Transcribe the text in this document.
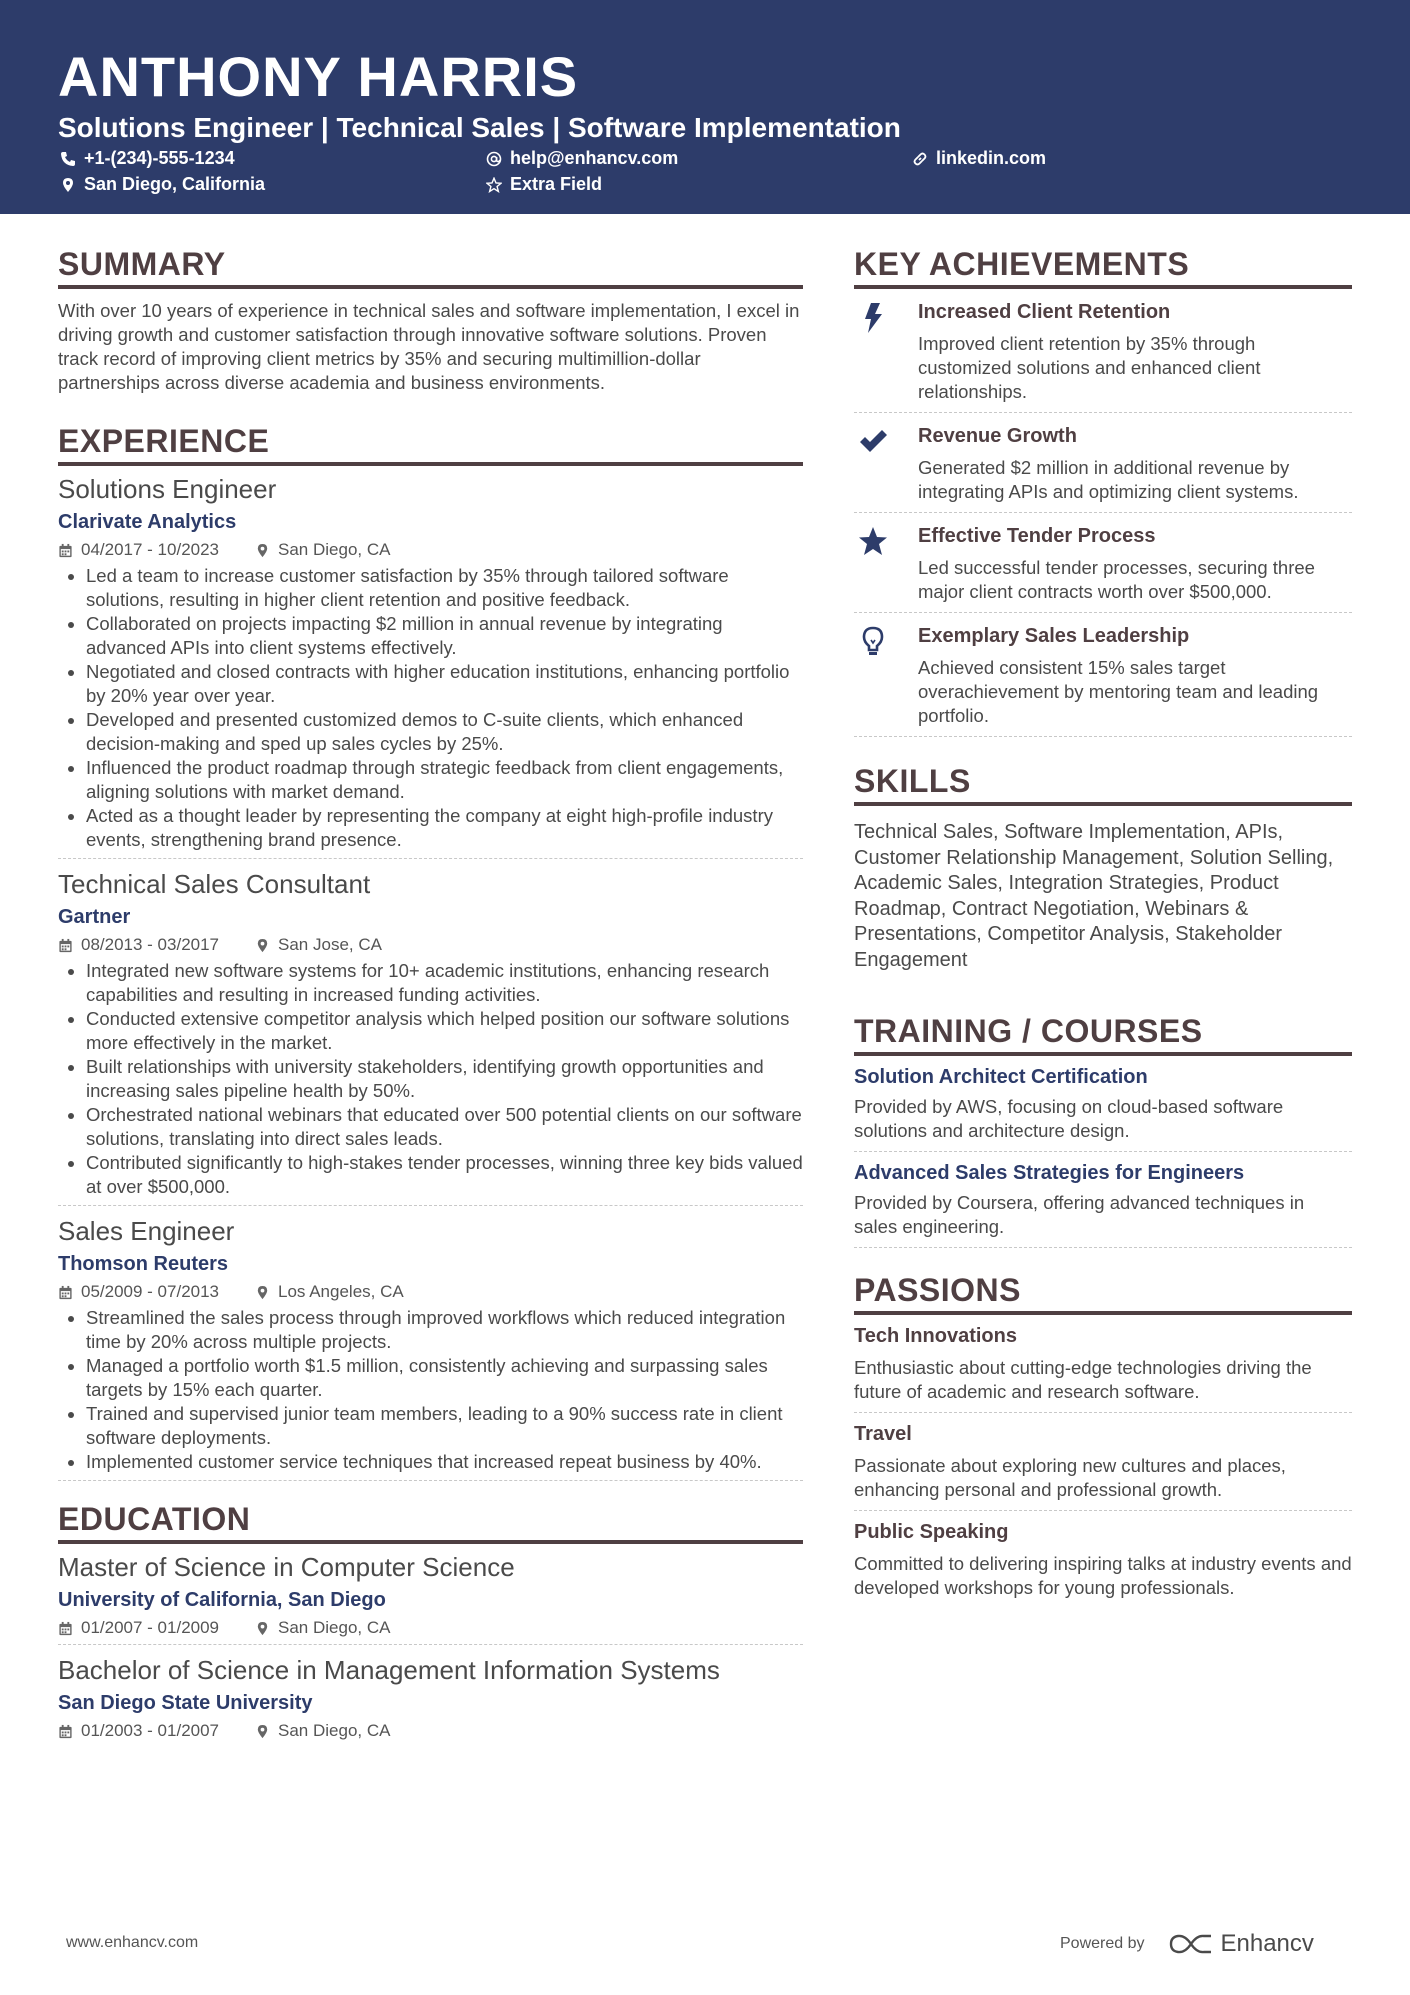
ANTHONY HARRIS
Solutions Engineer | Technical Sales | Software Implementation
+1-(234)-555-1234	help@enhancv.com	linkedin.com
San Diego, California	Extra Field
SUMMARY
With over 10 years of experience in technical sales and software implementation, I excel in driving growth and customer satisfaction through innovative software solutions. Proven track record of improving client metrics by 35% and securing multimillion-dollar partnerships across diverse academia and business environments.
EXPERIENCE
Solutions Engineer
Clarivate Analytics
04/2017 - 10/2023	San Diego, CA
• Led a team to increase customer satisfaction by 35% through tailored software solutions, resulting in higher client retention and positive feedback.
• Collaborated on projects impacting $2 million in annual revenue by integrating advanced APIs into client systems effectively.
• Negotiated and closed contracts with higher education institutions, enhancing portfolio by 20% year over year.
• Developed and presented customized demos to C-suite clients, which enhanced decision-making and sped up sales cycles by 25%.
• Influenced the product roadmap through strategic feedback from client engagements, aligning solutions with market demand.
• Acted as a thought leader by representing the company at eight high-profile industry events, strengthening brand presence.
Technical Sales Consultant
Gartner
08/2013 - 03/2017	San Jose, CA
• Integrated new software systems for 10+ academic institutions, enhancing research capabilities and resulting in increased funding activities.
• Conducted extensive competitor analysis which helped position our software solutions more effectively in the market.
• Built relationships with university stakeholders, identifying growth opportunities and increasing sales pipeline health by 50%.
• Orchestrated national webinars that educated over 500 potential clients on our software solutions, translating into direct sales leads.
• Contributed significantly to high-stakes tender processes, winning three key bids valued at over $500,000.
Sales Engineer
Thomson Reuters
05/2009 - 07/2013	Los Angeles, CA
• Streamlined the sales process through improved workflows which reduced integration time by 20% across multiple projects.
• Managed a portfolio worth $1.5 million, consistently achieving and surpassing sales targets by 15% each quarter.
• Trained and supervised junior team members, leading to a 90% success rate in client software deployments.
• Implemented customer service techniques that increased repeat business by 40%.
EDUCATION
Master of Science in Computer Science
University of California, San Diego
01/2007 - 01/2009	San Diego, CA
Bachelor of Science in Management Information Systems
San Diego State University
01/2003 - 01/2007	San Diego, CA
KEY ACHIEVEMENTS
Increased Client Retention
Improved client retention by 35% through customized solutions and enhanced client relationships.
Revenue Growth
Generated $2 million in additional revenue by integrating APIs and optimizing client systems.
Effective Tender Process
Led successful tender processes, securing three major client contracts worth over $500,000.
Exemplary Sales Leadership
Achieved consistent 15% sales target overachievement by mentoring team and leading portfolio.
SKILLS
Technical Sales, Software Implementation, APIs, Customer Relationship Management, Solution Selling, Academic Sales, Integration Strategies, Product Roadmap, Contract Negotiation, Webinars & Presentations, Competitor Analysis, Stakeholder Engagement
TRAINING / COURSES
Solution Architect Certification
Provided by AWS, focusing on cloud-based software solutions and architecture design.
Advanced Sales Strategies for Engineers
Provided by Coursera, offering advanced techniques in sales engineering.
PASSIONS
Tech Innovations
Enthusiastic about cutting-edge technologies driving the future of academic and research software.
Travel
Passionate about exploring new cultures and places, enhancing personal and professional growth.
Public Speaking
Committed to delivering inspiring talks at industry events and developed workshops for young professionals.
www.enhancv.com	Powered by	Enhancv
